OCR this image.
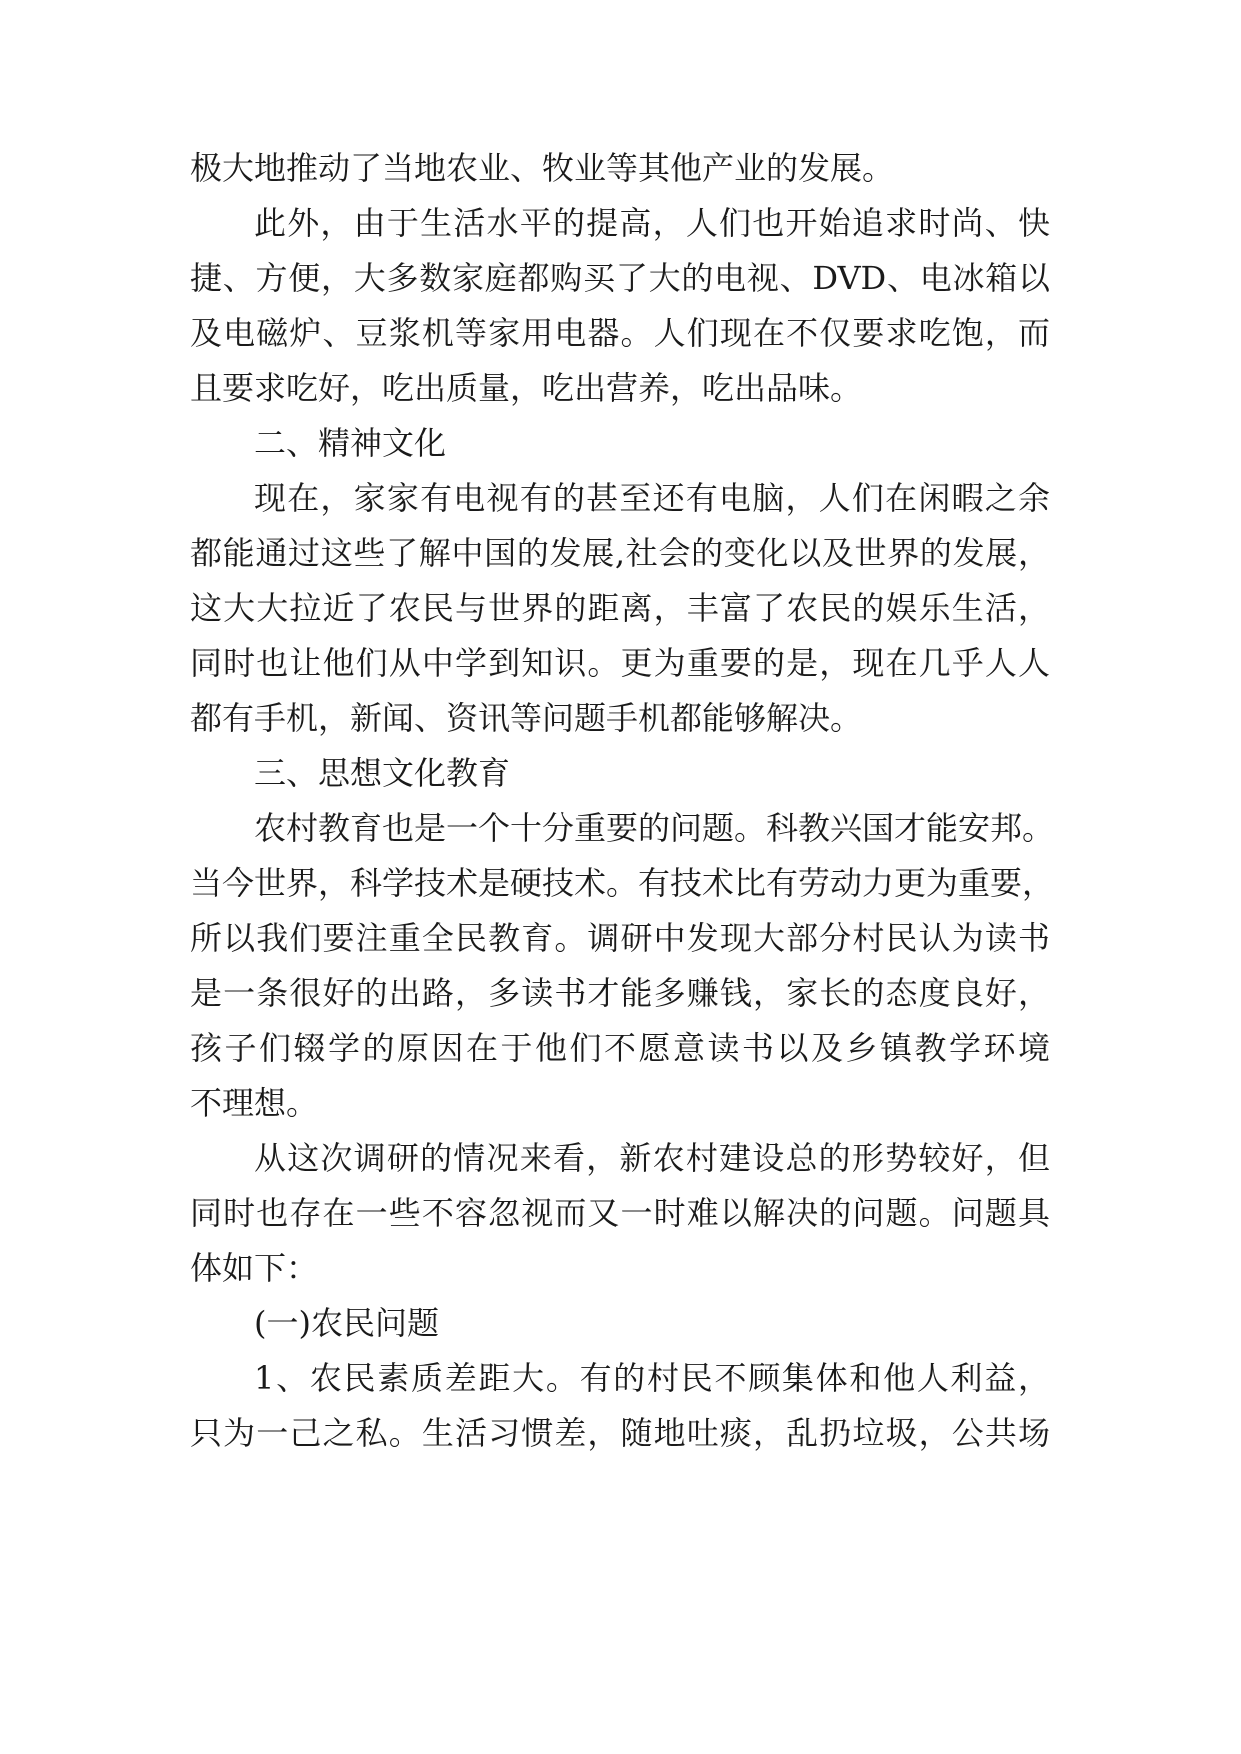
极大地推动了当地农业、牧业等其他产业的发展。
此外，由于生活水平的提高，人们也开始追求时尚、快
捷、方便，大多数家庭都购买了大的电视、DVD、电冰箱以
及电磁炉、豆浆机等家用电器。人们现在不仅要求吃饱，而
且要求吃好，吃出质量，吃出营养，吃出品味。
二、精神文化
现在，家家有电视有的甚至还有电脑，人们在闲暇之余
都能通过这些了解中国的发展,社会的变化以及世界的发展，
这大大拉近了农民与世界的距离，丰富了农民的娱乐生活，
同时也让他们从中学到知识。更为重要的是，现在几乎人人
都有手机，新闻、资讯等问题手机都能够解决。
三、思想文化教育
农村教育也是一个十分重要的问题。科教兴国才能安邦。
当今世界，科学技术是硬技术。有技术比有劳动力更为重要，
所以我们要注重全民教育。调研中发现大部分村民认为读书
是一条很好的出路，多读书才能多赚钱，家长的态度良好，
孩子们辍学的原因在于他们不愿意读书以及乡镇教学环境
不理想。
从这次调研的情况来看，新农村建设总的形势较好，但
同时也存在一些不容忽视而又一时难以解决的问题。问题具
体如下：
(一)农民问题
1、农民素质差距大。有的村民不顾集体和他人利益，
只为一己之私。生活习惯差，随地吐痰，乱扔垃圾，公共场
